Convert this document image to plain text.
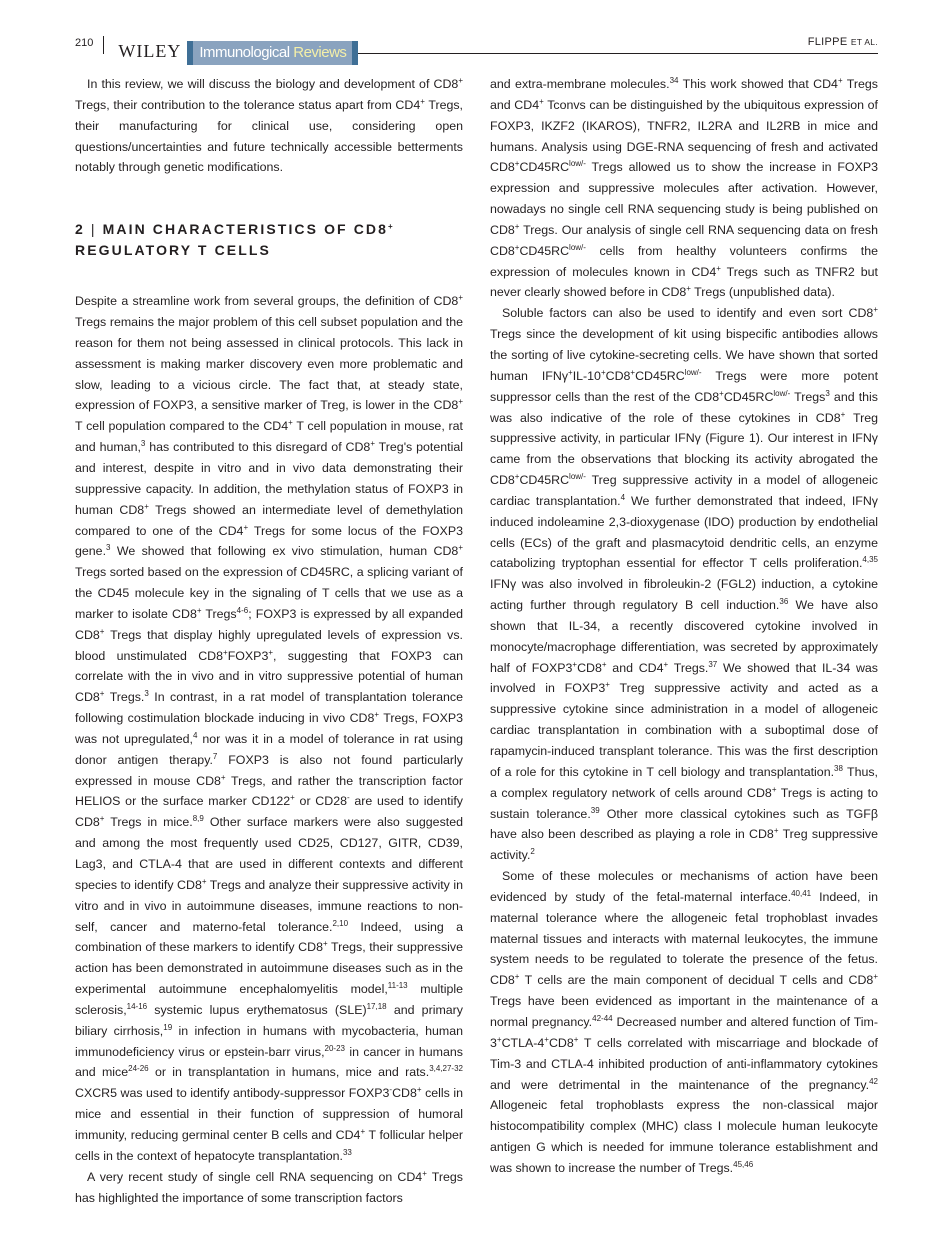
210 WILEY	Immunological Reviews
FLIPPE ET AL.

In this review, we will discuss the biology and development of CD8+ Tregs, their contribution to the tolerance status apart from CD4+ Tregs, their manufacturing for clinical use, considering open questions/uncertainties and future technically accessible betterments notably through genetic modifications.

2 | MAIN CHARACTERISTICS OF CD8+ REGULATORY T CELLS

Despite a streamline work from several groups, the definition of CD8+ Tregs remains the major problem of this cell subset population and the reason for them not being assessed in clinical protocols. This lack in assessment is making marker discovery even more problematic and slow, leading to a vicious circle. The fact that, at steady state, expression of FOXP3, a sensitive marker of Treg, is lower in the CD8+ T cell population compared to the CD4+ T cell population in mouse, rat and human,$^3$ has contributed to this disregard of CD8+ Treg's potential and interest, despite in vitro and in vivo data demonstrating their suppressive capacity. In addition, the methylation status of FOXP3 in human CD8+ Tregs showed an intermediate level of demethylation compared to one of the CD4+ Tregs for some locus of the FOXP3 gene.$^3$ We showed that following ex vivo stimulation, human CD8+ Tregs sorted based on the expression of CD45RC, a splicing variant of the CD45 molecule key in the signaling of T cells that we use as a marker to isolate CD8+ Tregs$^{4-6}$; FOXP3 is expressed by all expanded CD8+ Tregs that display highly upregulated levels of expression vs. blood unstimulated CD8+FOXP3+, suggesting that FOXP3 can correlate with the in vivo and in vitro suppressive potential of human CD8+ Tregs.$^3$ In contrast, in a rat model of transplantation tolerance following costimulation blockade inducing in vivo CD8+ Tregs, FOXP3 was not upregulated,$^4$ nor was it in a model of tolerance in rat using donor antigen therapy.$^7$ FOXP3 is also not found particularly expressed in mouse CD8+ Tregs, and rather the transcription factor HELIOS or the surface marker CD122+ or CD28- are used to identify CD8+ Tregs in mice.$^{8,9}$ Other surface markers were also suggested and among the most frequently used CD25, CD127, GITR, CD39, Lag3, and CTLA-4 that are used in different contexts and different species to identify CD8+ Tregs and analyze their suppressive activity in vitro and in vivo in autoimmune diseases, immune reactions to non-self, cancer and materno-fetal tolerance.$^{2,10}$ Indeed, using a combination of these markers to identify CD8+ Tregs, their suppressive action has been demonstrated in autoimmune diseases such as in the experimental autoimmune encephalomyelitis model,$^{11-13}$ multiple sclerosis,$^{14-16}$ systemic lupus erythematosus (SLE)$^{17,18}$ and primary biliary cirrhosis,$^{19}$ in infection in humans with mycobacteria, human immunodeficiency virus or epstein-barr virus,$^{20-23}$ in cancer in humans and mice$^{24-26}$ or in transplantation in humans, mice and rats.$^{3,4,27-32}$ CXCR5 was used to identify antibody-suppressor FOXP3-CD8+ cells in mice and essential in their function of suppression of humoral immunity, reducing germinal center B cells and CD4+ T follicular helper cells in the context of hepatocyte transplantation.$^{33}$

A very recent study of single cell RNA sequencing on CD4+ Tregs has highlighted the importance of some transcription factors

and extra-membrane molecules.$^{34}$ This work showed that CD4+ Tregs and CD4+ Tconvs can be distinguished by the ubiquitous expression of FOXP3, IKZF2 (IKAROS), TNFR2, IL2RA and IL2RB in mice and humans. Analysis using DGE-RNA sequencing of fresh and activated $CD8^+CD45RC^{low/-}$ Tregs allowed us to show the increase in FOXP3 expression and suppressive molecules after activation. However, nowadays no single cell RNA sequencing study is being published on CD8+ Tregs. Our analysis of single cell RNA sequencing data on fresh $CD8^+CD45RC^{low/-}$ cells from healthy volunteers confirms the expression of molecules known in CD4+ Tregs such as TNFR2 but never clearly showed before in CD8+ Tregs (unpublished data).

Soluble factors can also be used to identify and even sort CD8+ Tregs since the development of kit using bispecific antibodies allows the sorting of live cytokine-secreting cells. We have shown that sorted human $IFN\gamma^+IL-10^+CD8^+CD45RC^{low/-}$ Tregs were more potent suppressor cells than the rest of the $CD8^+CD45RC^{low/-}$ Tregs$^3$ and this was also indicative of the role of these cytokines in CD8+ Treg suppressive activity, in particular IFNγ (Figure 1). Our interest in IFNγ came from the observations that blocking its activity abrogated the $CD8^+CD45RC^{low/-}$ Treg suppressive activity in a model of allogeneic cardiac transplantation.$^4$ We further demonstrated that indeed, IFNγ induced indoleamine 2,3-dioxygenase (IDO) production by endothelial cells (ECs) of the graft and plasmacytoid dendritic cells, an enzyme catabolizing tryptophan essential for effector T cells proliferation.$^{4,35}$ IFNγ was also involved in fibroleukin-2 (FGL2) induction, a cytokine acting further through regulatory B cell induction.$^{36}$ We have also shown that IL-34, a recently discovered cytokine involved in monocyte/macrophage differentiation, was secreted by approximately half of FOXP3+CD8+ and CD4+ Tregs.$^{37}$ We showed that IL-34 was involved in FOXP3+ Treg suppressive activity and acted as a suppressive cytokine since administration in a model of allogeneic cardiac transplantation in combination with a suboptimal dose of rapamycin-induced transplant tolerance. This was the first description of a role for this cytokine in T cell biology and transplantation.$^{38}$ Thus, a complex regulatory network of cells around CD8+ Tregs is acting to sustain tolerance.$^{39}$ Other more classical cytokines such as TGFβ have also been described as playing a role in CD8+ Treg suppressive activity.$^2$

Some of these molecules or mechanisms of action have been evidenced by study of the fetal-maternal interface.$^{40,41}$ Indeed, in maternal tolerance where the allogeneic fetal trophoblast invades maternal tissues and interacts with maternal leukocytes, the immune system needs to be regulated to tolerate the presence of the fetus. CD8+ T cells are the main component of decidual T cells and CD8+ Tregs have been evidenced as important in the maintenance of a normal pregnancy.$^{42-44}$ Decreased number and altered function of Tim-3+CTLA-4+CD8+ T cells correlated with miscarriage and blockade of Tim-3 and CTLA-4 inhibited production of anti-inflammatory cytokines and were detrimental in the maintenance of the pregnancy.$^{42}$ Allogeneic fetal trophoblasts express the non-classical major histocompatibility complex (MHC) class I molecule human leukocyte antigen G which is needed for immune tolerance establishment and was shown to increase the number of Tregs.$^{45,46}$
